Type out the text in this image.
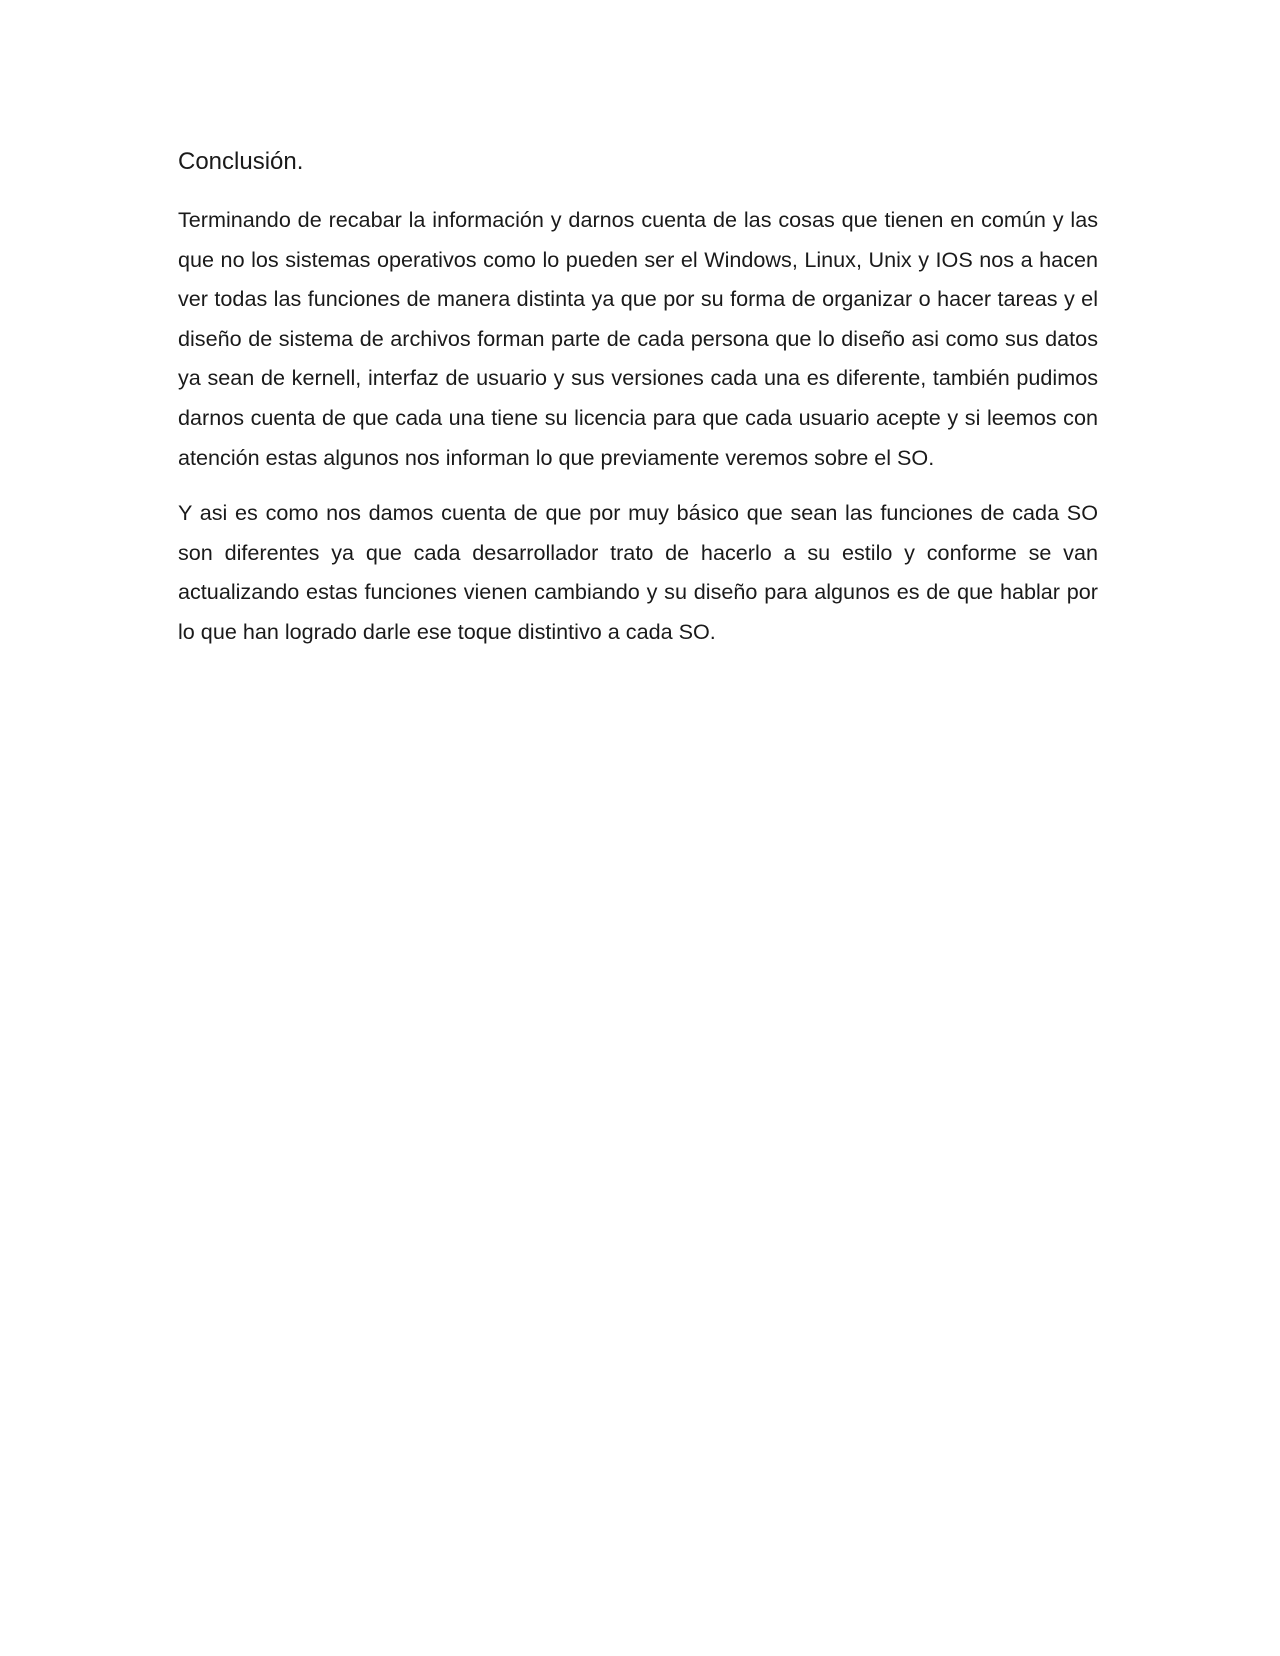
Conclusión.

Terminando de recabar la información y darnos cuenta de las cosas que tienen en común y las que no los sistemas operativos como lo pueden ser el Windows, Linux, Unix y IOS nos a hacen ver todas las funciones de manera distinta ya que por su forma de organizar o hacer tareas y el diseño de sistema de archivos forman parte de cada persona que lo diseño asi como sus datos ya sean de kernell, interfaz de usuario y sus versiones cada una es diferente, también pudimos darnos cuenta de que cada una tiene su licencia para que cada usuario acepte y si leemos con atención estas algunos nos informan lo que previamente veremos sobre el SO.

Y asi es como nos damos cuenta de que por muy básico que sean las funciones de cada SO son diferentes ya que cada desarrollador trato de hacerlo a su estilo y conforme se van actualizando estas funciones vienen cambiando y su diseño para algunos es de que hablar por lo que han logrado darle ese toque distintivo a cada SO.
